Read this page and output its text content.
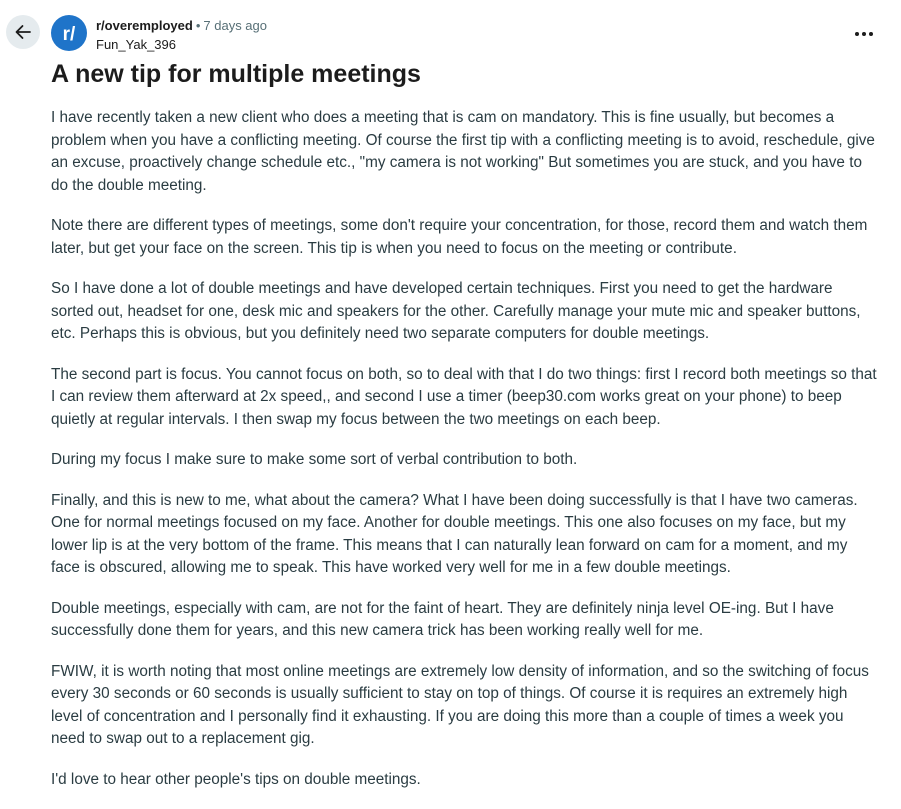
r/ r/overemployed • 7 days ago
Fun_Yak_396
A new tip for multiple meetings

I have recently taken a new client who does a meeting that is cam on mandatory. This is fine usually, but becomes a problem when you have a conflicting meeting. Of course the first tip with a conflicting meeting is to avoid, reschedule, give an excuse, proactively change schedule etc., "my camera is not working" But sometimes you are stuck, and you have to do the double meeting.

Note there are different types of meetings, some don't require your concentration, for those, record them and watch them later, but get your face on the screen. This tip is when you need to focus on the meeting or contribute.

So I have done a lot of double meetings and have developed certain techniques. First you need to get the hardware sorted out, headset for one, desk mic and speakers for the other. Carefully manage your mute mic and speaker buttons, etc. Perhaps this is obvious, but you definitely need two separate computers for double meetings.

The second part is focus. You cannot focus on both, so to deal with that I do two things: first I record both meetings so that I can review them afterward at 2x speed,, and second I use a timer (beep30.com works great on your phone) to beep quietly at regular intervals. I then swap my focus between the two meetings on each beep.

During my focus I make sure to make some sort of verbal contribution to both.

Finally, and this is new to me, what about the camera? What I have been doing successfully is that I have two cameras. One for normal meetings focused on my face. Another for double meetings. This one also focuses on my face, but my lower lip is at the very bottom of the frame. This means that I can naturally lean forward on cam for a moment, and my face is obscured, allowing me to speak. This have worked very well for me in a few double meetings.

Double meetings, especially with cam, are not for the faint of heart. They are definitely ninja level OE-ing. But I have successfully done them for years, and this new camera trick has been working really well for me.

FWIW, it is worth noting that most online meetings are extremely low density of information, and so the switching of focus every 30 seconds or 60 seconds is usually sufficient to stay on top of things. Of course it is requires an extremely high level of concentration and I personally find it exhausting. If you are doing this more than a couple of times a week you need to swap out to a replacement gig.

I'd love to hear other people's tips on double meetings.
